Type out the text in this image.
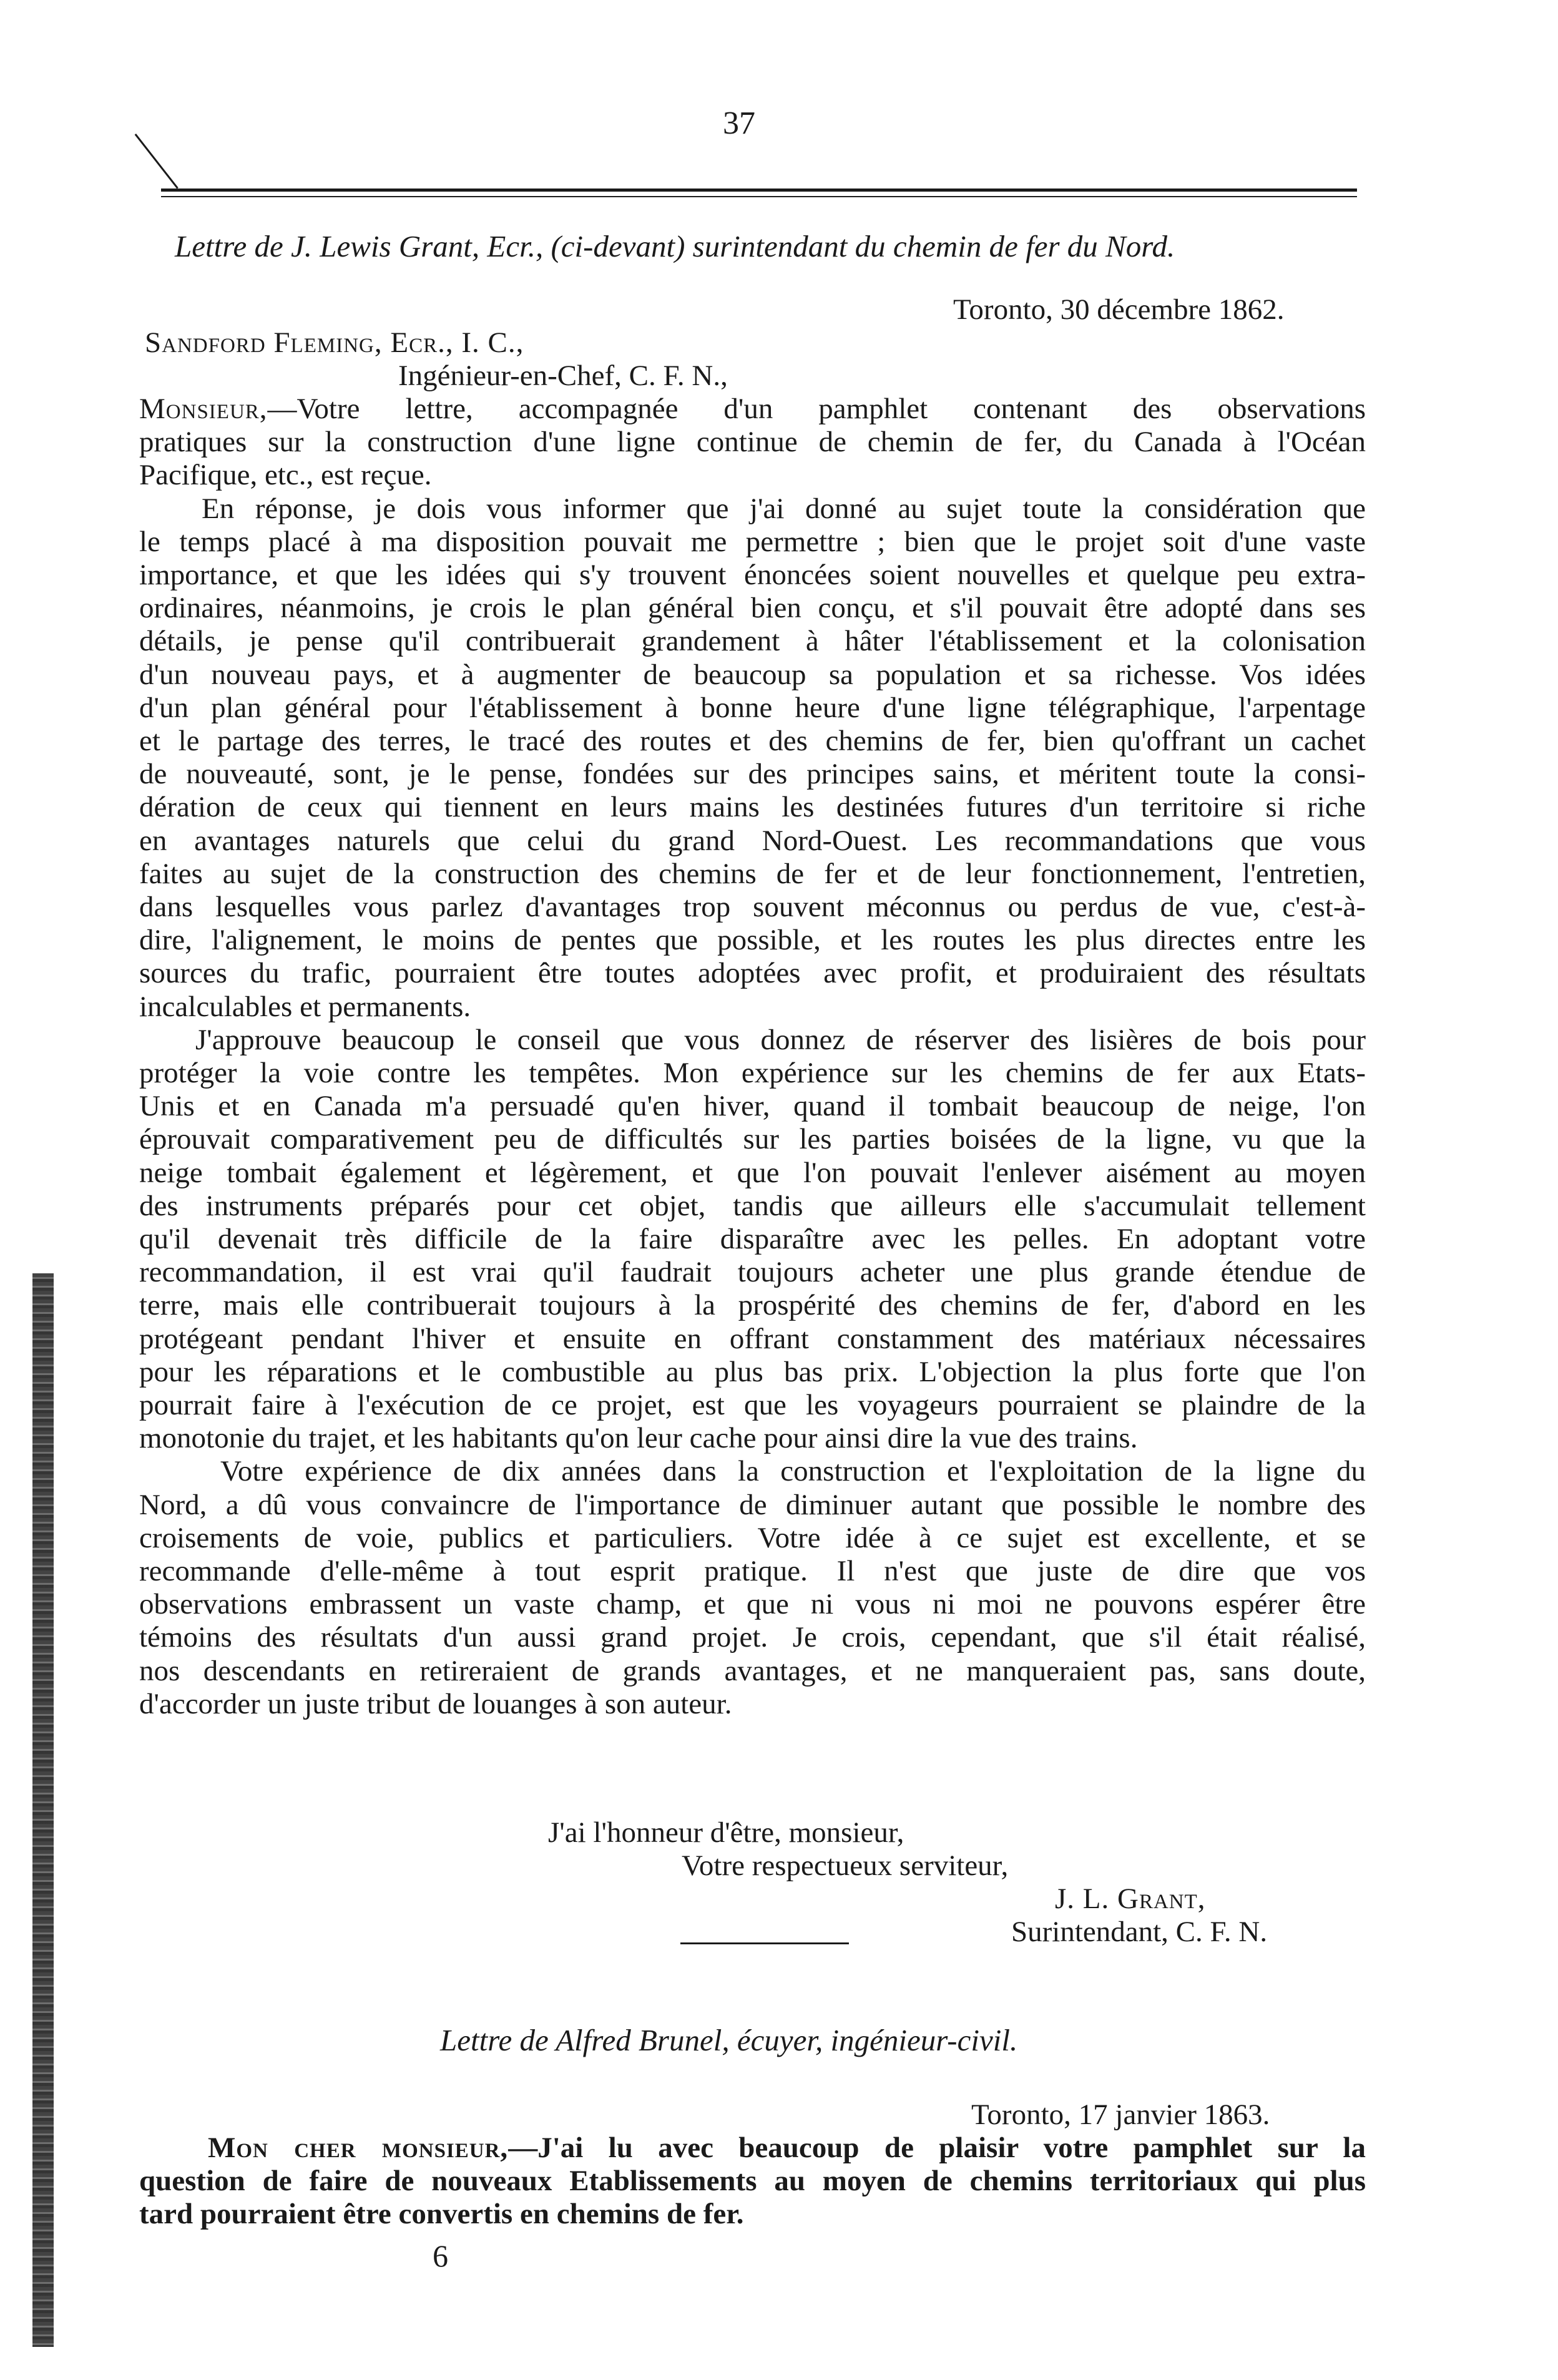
37
Lettre de J. Lewis Grant, Ecr., (ci-devant) surintendant du chemin de fer du Nord.
Toronto, 30 décembre 1862.
Sandford Fleming, Ecr., I. C.,
Ingénieur-en-Chef, C. F. N.,
Monsieur,—Votre lettre, accompagnée d'un pamphlet contenant des observations
pratiques sur la construction d'une ligne continue de chemin de fer, du Canada à l'Océan
Pacifique, etc., est reçue.
En réponse, je dois vous informer que j'ai donné au sujet toute la considération que
le temps placé à ma disposition pouvait me permettre ; bien que le projet soit d'une vaste
importance, et que les idées qui s'y trouvent énoncées soient nouvelles et quelque peu extra-
ordinaires, néanmoins, je crois le plan général bien conçu, et s'il pouvait être adopté dans ses
détails, je pense qu'il contribuerait grandement à hâter l'établissement et la colonisation
d'un nouveau pays, et à augmenter de beaucoup sa population et sa richesse. Vos idées
d'un plan général pour l'établissement à bonne heure d'une ligne télégraphique, l'arpentage
et le partage des terres, le tracé des routes et des chemins de fer, bien qu'offrant un cachet
de nouveauté, sont, je le pense, fondées sur des principes sains, et méritent toute la consi-
dération de ceux qui tiennent en leurs mains les destinées futures d'un territoire si riche
en avantages naturels que celui du grand Nord-Ouest. Les recommandations que vous
faites au sujet de la construction des chemins de fer et de leur fonctionnement, l'entretien,
dans lesquelles vous parlez d'avantages trop souvent méconnus ou perdus de vue, c'est-à-
dire, l'alignement, le moins de pentes que possible, et les routes les plus directes entre les
sources du trafic, pourraient être toutes adoptées avec profit, et produiraient des résultats
incalculables et permanents.
J'approuve beaucoup le conseil que vous donnez de réserver des lisières de bois pour
protéger la voie contre les tempêtes. Mon expérience sur les chemins de fer aux Etats-
Unis et en Canada m'a persuadé qu'en hiver, quand il tombait beaucoup de neige, l'on
éprouvait comparativement peu de difficultés sur les parties boisées de la ligne, vu que la
neige tombait également et légèrement, et que l'on pouvait l'enlever aisément au moyen
des instruments préparés pour cet objet, tandis que ailleurs elle s'accumulait tellement
qu'il devenait très difficile de la faire disparaître avec les pelles. En adoptant votre
recommandation, il est vrai qu'il faudrait toujours acheter une plus grande étendue de
terre, mais elle contribuerait toujours à la prospérité des chemins de fer, d'abord en les
protégeant pendant l'hiver et ensuite en offrant constamment des matériaux nécessaires
pour les réparations et le combustible au plus bas prix. L'objection la plus forte que l'on
pourrait faire à l'exécution de ce projet, est que les voyageurs pourraient se plaindre de la
monotonie du trajet, et les habitants qu'on leur cache pour ainsi dire la vue des trains.
Votre expérience de dix années dans la construction et l'exploitation de la ligne du
Nord, a dû vous convaincre de l'importance de diminuer autant que possible le nombre des
croisements de voie, publics et particuliers. Votre idée à ce sujet est excellente, et se
recommande d'elle-même à tout esprit pratique. Il n'est que juste de dire que vos
observations embrassent un vaste champ, et que ni vous ni moi ne pouvons espérer être
témoins des résultats d'un aussi grand projet. Je crois, cependant, que s'il était réalisé,
nos descendants en retireraient de grands avantages, et ne manqueraient pas, sans doute,
d'accorder un juste tribut de louanges à son auteur.
J'ai l'honneur d'être, monsieur,
Votre respectueux serviteur,
J. L. Grant,
Surintendant, C. F. N.
Lettre de Alfred Brunel, écuyer, ingénieur-civil.
Toronto, 17 janvier 1863.
Mon cher monsieur,—J'ai lu avec beaucoup de plaisir votre pamphlet sur la
question de faire de nouveaux Etablissements au moyen de chemins territoriaux qui plus
tard pourraient être convertis en chemins de fer.
6
